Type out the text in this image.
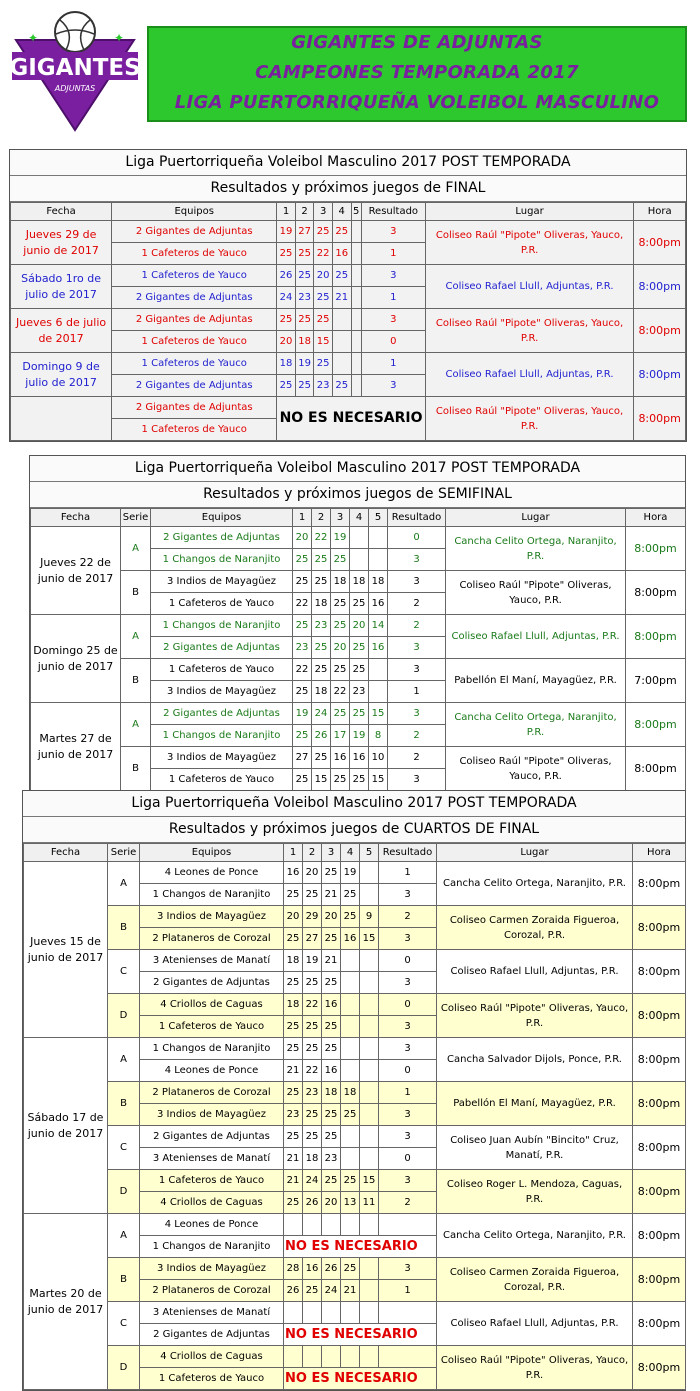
GIGANTES
ADJUNTAS
✦	✦	GIGANTES DE ADJUNTAS
CAMPEONES TEMPORADA 2017
LIGA PUERTORRIQUEÑA VOLEIBOL MASCULINO
Liga Puertorriqueña Voleibol Masculino 2017 POST TEMPORADA
Resultados y próximos juegos de FINAL
Fecha	Equipos	1	2	3	4	5	Resultado	Lugar	Hora
Jueves 29 de junio de 2017	2 Gigantes de Adjuntas	19	27	25	25		3	Coliseo Raúl "Pipote" Oliveras, Yauco, P.R.	8:00pm
	1 Cafeteros de Yauco	25	25	22	16		1		
Sábado 1ro de julio de 2017	1 Cafeteros de Yauco	26	25	20	25		3	Coliseo Rafael Llull, Adjuntas, P.R.	8:00pm
	2 Gigantes de Adjuntas	24	23	25	21		1		
Jueves 6 de julio de 2017	2 Gigantes de Adjuntas	25	25	25			3	Coliseo Raúl "Pipote" Oliveras, Yauco, P.R.	8:00pm
	1 Cafeteros de Yauco	20	18	15			0		
Domingo 9 de julio de 2017	1 Cafeteros de Yauco	18	19	25			1	Coliseo Rafael Llull, Adjuntas, P.R.	8:00pm
	2 Gigantes de Adjuntas	25	25	23	25		3		
	2 Gigantes de Adjuntas	NO ES NECESARIO						Coliseo Raúl "Pipote" Oliveras, Yauco, P.R.	8:00pm
	1 Cafeteros de Yauco								
Liga Puertorriqueña Voleibol Masculino 2017 POST TEMPORADA
Resultados y próximos juegos de SEMIFINAL
Fecha	Serie	Equipos	1	2	3	4	5	Resultado	Lugar	Hora
Jueves 22 de junio de 2017	A	2 Gigantes de Adjuntas	20	22	19			0	Cancha Celito Ortega, Naranjito, P.R.	8:00pm
		1 Changos de Naranjito	25	25	25			3		
	B	3 Indios de Mayagüez	25	25	18	18	18	3	Coliseo Raúl "Pipote" Oliveras, Yauco, P.R.	8:00pm
		1 Cafeteros de Yauco	22	18	25	25	16	2		
Domingo 25 de junio de 2017	A	1 Changos de Naranjito	25	23	25	20	14	2	Coliseo Rafael Llull, Adjuntas, P.R.	8:00pm
		2 Gigantes de Adjuntas	23	25	20	25	16	3		
	B	1 Cafeteros de Yauco	22	25	25	25		3	Pabellón El Maní, Mayagüez, P.R.	7:00pm
		3 Indios de Mayagüez	25	18	22	23		1		
Martes 27 de junio de 2017	A	2 Gigantes de Adjuntas	19	24	25	25	15	3	Cancha Celito Ortega, Naranjito, P.R.	8:00pm
		1 Changos de Naranjito	25	26	17	19	8	2		
	B	3 Indios de Mayagüez	27	25	16	16	10	2	Coliseo Raúl "Pipote" Oliveras, Yauco, P.R.	8:00pm
		1 Cafeteros de Yauco	25	15	25	25	15	3		
Liga Puertorriqueña Voleibol Masculino 2017 POST TEMPORADA
Resultados y próximos juegos de CUARTOS DE FINAL
Fecha	Serie	Equipos	1	2	3	4	5	Resultado	Lugar	Hora
Jueves 15 de junio de 2017	A	4 Leones de Ponce	16	20	25	19		1	Cancha Celito Ortega, Naranjito, P.R.	8:00pm
		1 Changos de Naranjito	25	25	21	25		3		
	B	3 Indios de Mayagüez	20	29	20	25	9	2	Coliseo Carmen Zoraida Figueroa, Corozal, P.R.	8:00pm
		2 Plataneros de Corozal	25	27	25	16	15	3		
	C	3 Atenienses de Manatí	18	19	21			0	Coliseo Rafael Llull, Adjuntas, P.R.	8:00pm
		2 Gigantes de Adjuntas	25	25	25			3		
	D	4 Criollos de Caguas	18	22	16			0	Coliseo Raúl "Pipote" Oliveras, Yauco, P.R.	8:00pm
		1 Cafeteros de Yauco	25	25	25			3		
Sábado 17 de junio de 2017	A	1 Changos de Naranjito	25	25	25			3	Cancha Salvador Dijols, Ponce, P.R.	8:00pm
		4 Leones de Ponce	21	22	16			0		
	B	2 Plataneros de Corozal	25	23	18	18		1	Pabellón El Maní, Mayagüez, P.R.	8:00pm
		3 Indios de Mayagüez	23	25	25	25		3		
	C	2 Gigantes de Adjuntas	25	25	25			3	Coliseo Juan Aubín "Bincito" Cruz, Manatí, P.R.	8:00pm
		3 Atenienses de Manatí	21	18	23			0		
	D	1 Cafeteros de Yauco	21	24	25	25	15	3	Coliseo Roger L. Mendoza, Caguas, P.R.	8:00pm
		4 Criollos de Caguas	25	26	20	13	11	2		
Martes 20 de junio de 2017	A	4 Leones de Ponce							Cancha Celito Ortega, Naranjito, P.R.	8:00pm
		1 Changos de Naranjito	NO ES NECESARIO							
	B	3 Indios de Mayagüez	28	16	26	25		3	Coliseo Carmen Zoraida Figueroa, Corozal, P.R.	8:00pm
		2 Plataneros de Corozal	26	25	24	21		1		
	C	3 Atenienses de Manatí							Coliseo Rafael Llull, Adjuntas, P.R.	8:00pm
		2 Gigantes de Adjuntas	NO ES NECESARIO							
	D	4 Criollos de Caguas							Coliseo Raúl "Pipote" Oliveras, Yauco, P.R.	8:00pm
		1 Cafeteros de Yauco	NO ES NECESARIO							
